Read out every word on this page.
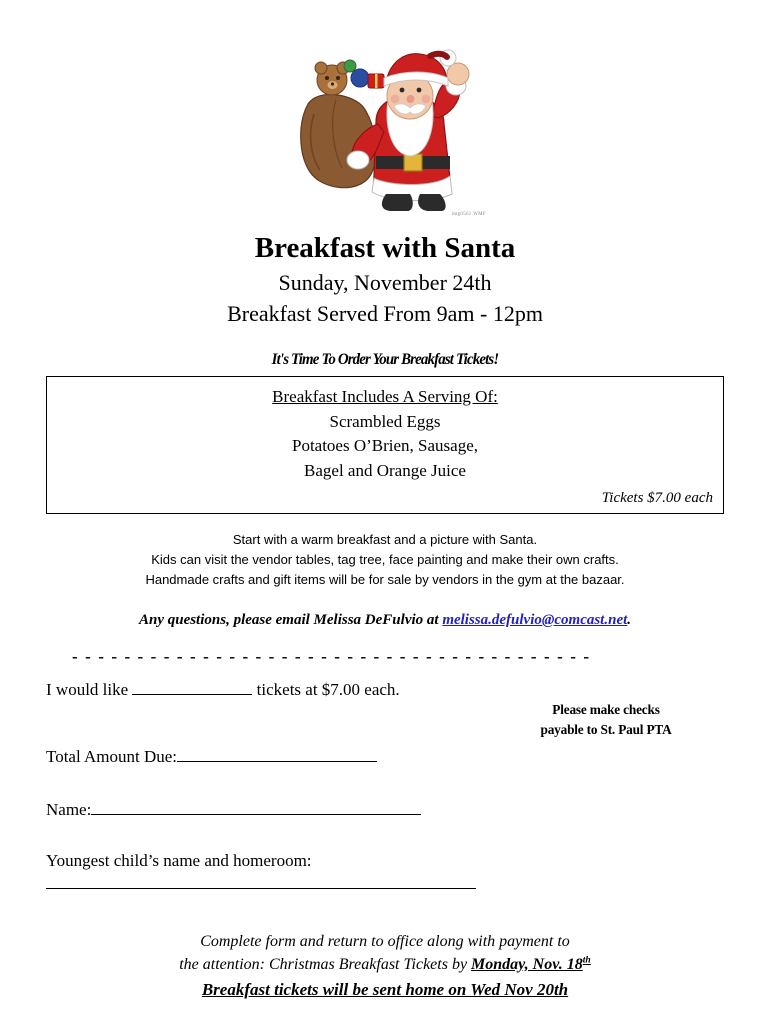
img0561.WMF
Breakfast with Santa
Sunday, November 24th
Breakfast Served From 9am - 12pm
It's Time To Order Your Breakfast Tickets!
Breakfast Includes A Serving Of:
Scrambled Eggs
Potatoes O’Brien, Sausage,
Bagel and Orange Juice
Tickets $7.00 each
Start with a warm breakfast and a picture with Santa.
Kids can visit the vendor tables, tag tree, face painting and make their own crafts.
Handmade crafts and gift items will be for sale by vendors in the gym at the bazaar.
Any questions, please email Melissa DeFulvio at melissa.defulvio@comcast.net.
- - - - - - - - - - - - - - - - - - - - - - - - - - - - - - - - - - - - - - - -
I would like	tickets at $7.00 each.
Please make checks
payable to St. Paul PTA
Total Amount Due:
Name:
Youngest child’s name and homeroom:
Complete form and return to office along with payment to
the attention: Christmas Breakfast Tickets by Monday, Nov. 18th
Breakfast tickets will be sent home on Wed Nov 20th
